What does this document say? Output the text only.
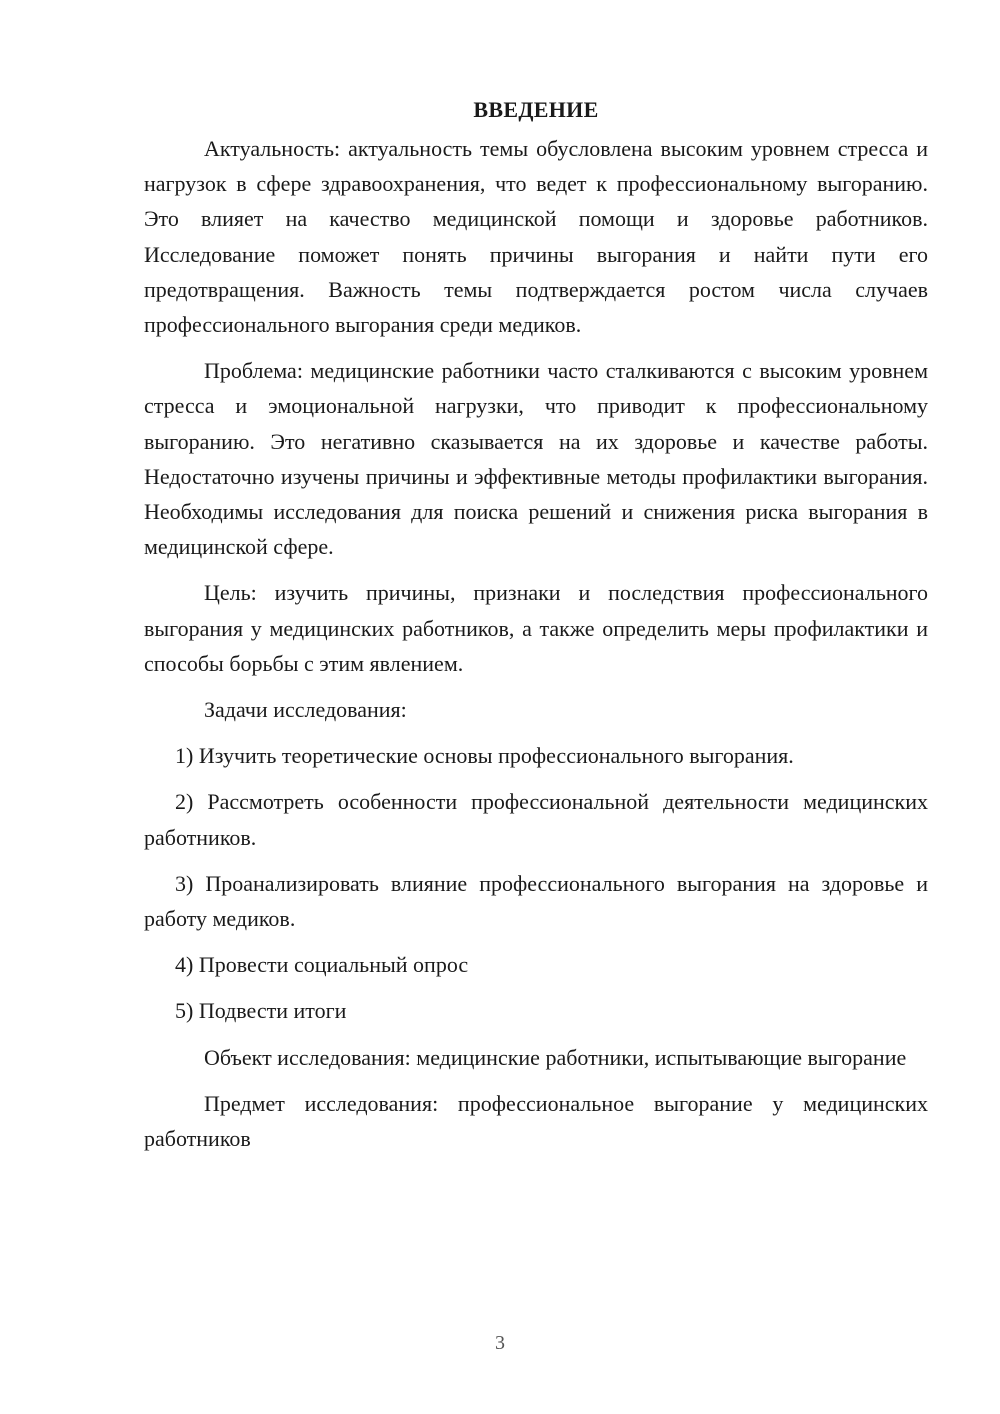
ВВЕДЕНИЕ

Актуальность: актуальность темы обусловлена высоким уровнем стресса и нагрузок в сфере здравоохранения, что ведет к профессиональному выгоранию. Это влияет на качество медицинской помощи и здоровье работников. Исследование поможет понять причины выгорания и найти пути его предотвращения. Важность темы подтверждается ростом числа случаев профессионального выгорания среди медиков.

Проблема: медицинские работники часто сталкиваются с высоким уровнем стресса и эмоциональной нагрузки, что приводит к профессиональному выгоранию. Это негативно сказывается на их здоровье и качестве работы. Недостаточно изучены причины и эффективные методы профилактики выгорания. Необходимы исследования для поиска решений и снижения риска выгорания в медицинской сфере.

Цель: изучить причины, признаки и последствия профессионального выгорания у медицинских работников, а также определить меры профилактики и способы борьбы с этим явлением.

Задачи исследования:

1) Изучить теоретические основы профессионального выгорания.

2) Рассмотреть особенности профессиональной деятельности медицинских работников.

3) Проанализировать влияние профессионального выгорания на здоровье и работу медиков.

4) Провести социальный опрос

5) Подвести итоги

Объект исследования: медицинские работники, испытывающие выгорание

Предмет исследования: профессиональное выгорание у медицинских работников

3
